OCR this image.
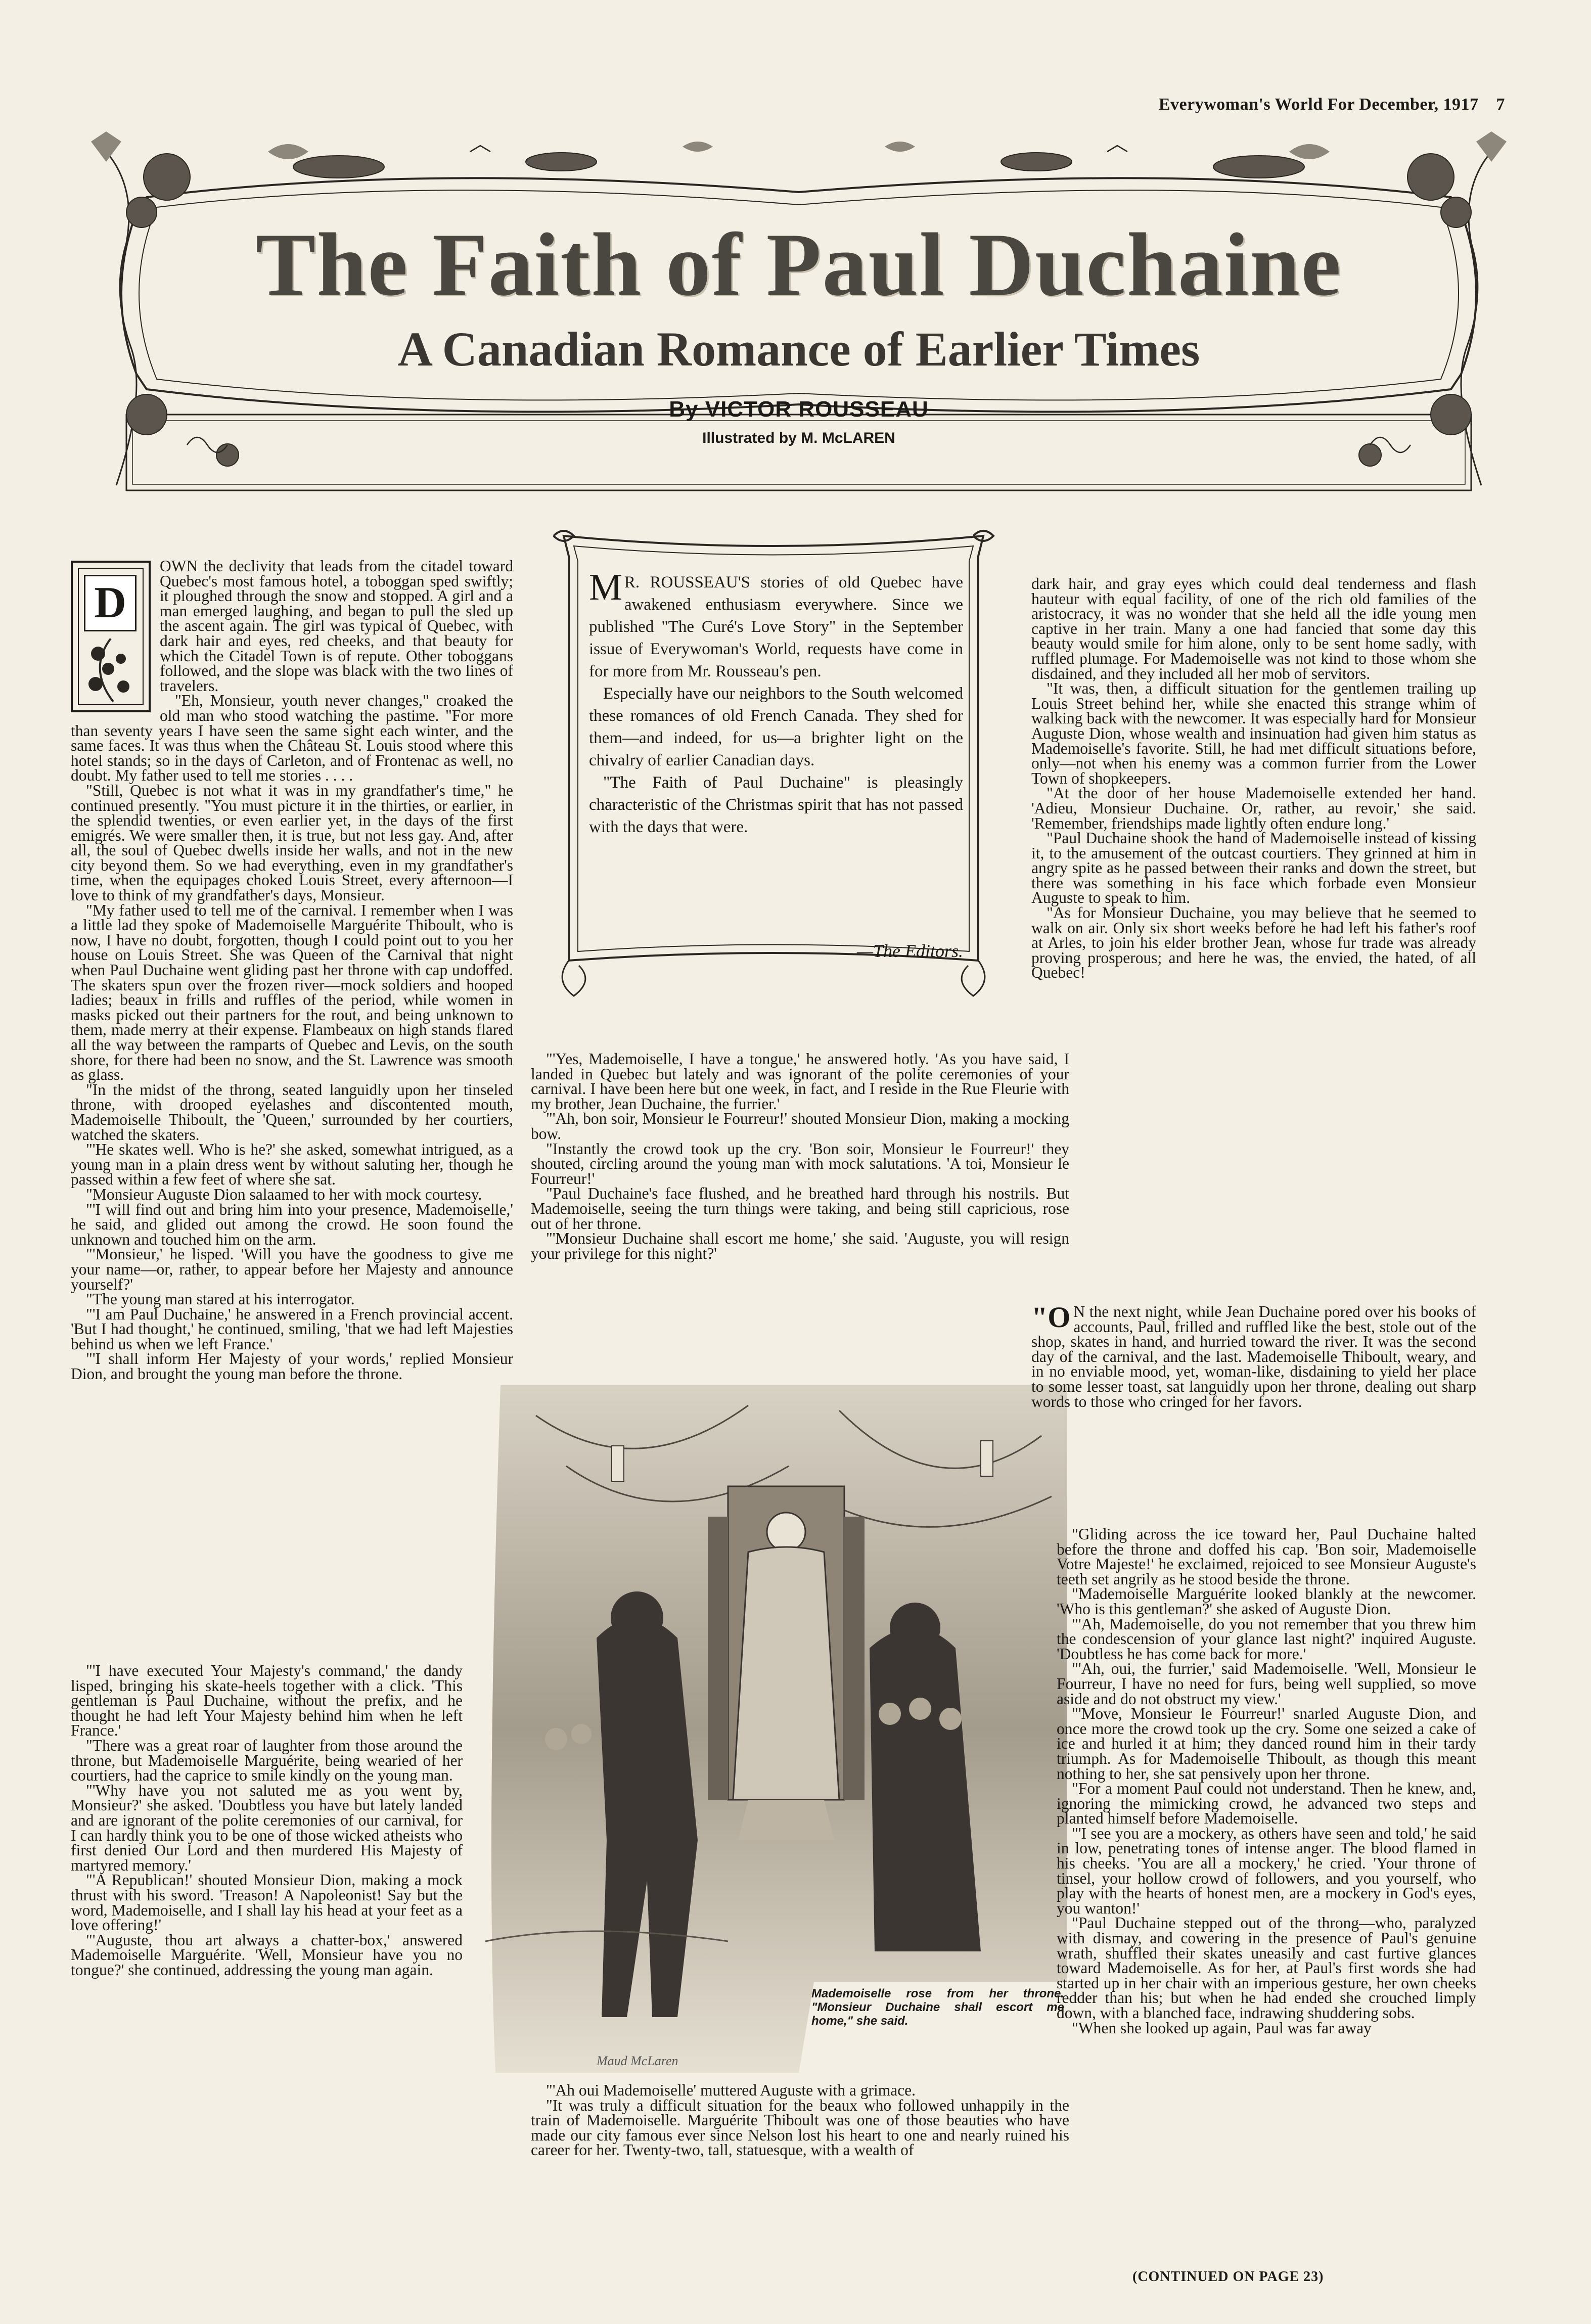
Everywoman's World For December, 1917 7
The Faith of Paul Duchaine
A Canadian Romance of Earlier Times
By VICTOR ROUSSEAU
Illustrated by M. McLAREN
D

OWN the declivity that leads from the citadel toward Quebec's most famous hotel, a toboggan sped swiftly; it ploughed through the snow and stopped. A girl and a man emerged laughing, and began to pull the sled up the ascent again. The girl was typical of Quebec, with dark hair and eyes, red cheeks, and that beauty for which the Citadel Town is of repute. Other toboggans followed, and the slope was black with the two lines of travelers.

"Eh, Monsieur, youth never changes," croaked the old man who stood watching the pastime. "For more than seventy years I have seen the same sight each winter, and the same faces. It was thus when the Château St. Louis stood where this hotel stands; so in the days of Carleton, and of Frontenac as well, no doubt. My father used to tell me stories . . . .

"Still, Quebec is not what it was in my grandfather's time," he continued presently. "You must picture it in the thirties, or earlier, in the splendid twenties, or even earlier yet, in the days of the first emigrés. We were smaller then, it is true, but not less gay. And, after all, the soul of Quebec dwells inside her walls, and not in the new city beyond them. So we had everything, even in my grandfather's time, when the equipages choked Louis Street, every afternoon—I love to think of my grandfather's days, Monsieur.

"My father used to tell me of the carnival. I remember when I was a little lad they spoke of Mademoiselle Marguérite Thiboult, who is now, I have no doubt, forgotten, though I could point out to you her house on Louis Street. She was Queen of the Carnival that night when Paul Duchaine went gliding past her throne with cap undoffed. The skaters spun over the frozen river—mock soldiers and hooped ladies; beaux in frills and ruffles of the period, while women in masks picked out their partners for the rout, and being unknown to them, made merry at their expense. Flambeaux on high stands flared all the way between the ramparts of Quebec and Levis, on the south shore, for there had been no snow, and the St. Lawrence was smooth as glass.

"In the midst of the throng, seated languidly upon her tinseled throne, with drooped eyelashes and discontented mouth, Mademoiselle Thiboult, the 'Queen,' surrounded by her courtiers, watched the skaters.

"'He skates well. Who is he?' she asked, somewhat intrigued, as a young man in a plain dress went by without saluting her, though he passed within a few feet of where she sat.

"Monsieur Auguste Dion salaamed to her with mock courtesy.

"'I will find out and bring him into your presence, Mademoiselle,' he said, and glided out among the crowd. He soon found the unknown and touched him on the arm.

"'Monsieur,' he lisped. 'Will you have the goodness to give me your name—or, rather, to appear before her Majesty and announce yourself?'

"The young man stared at his interrogator.

"'I am Paul Duchaine,' he answered in a French provincial accent. 'But I had thought,' he continued, smiling, 'that we had left Majesties behind us when we left France.'

"'I shall inform Her Majesty of your words,' replied Monsieur Dion, and brought the young man before the throne.

"'I have executed Your Majesty's command,' the dandy lisped, bringing his skate-heels together with a click. 'This gentleman is Paul Duchaine, without the prefix, and he thought he had left Your Majesty behind him when he left France.'

"There was a great roar of laughter from those around the throne, but Mademoiselle Marguérite, being wearied of her courtiers, had the caprice to smile kindly on the young man.

"'Why have you not saluted me as you went by, Monsieur?' she asked. 'Doubtless you have but lately landed and are ignorant of the polite ceremonies of our carnival, for I can hardly think you to be one of those wicked atheists who first denied Our Lord and then murdered His Majesty of martyred memory.'

"'A Republican!' shouted Monsieur Dion, making a mock thrust with his sword. 'Treason! A Napoleonist! Say but the word, Mademoiselle, and I shall lay his head at your feet as a love offering!'

"'Auguste, thou art always a chatter-box,' answered Mademoiselle Marguérite. 'Well, Monsieur have you no tongue?' she continued, addressing the young man again.

M R. ROUSSEAU'S stories of old Quebec have awakened enthusiasm everywhere. Since we published "The Curé's Love Story" in the September issue of Everywoman's World, requests have come in for more from Mr. Rousseau's pen.

Especially have our neighbors to the South welcomed these romances of old French Canada. They shed for them—and indeed, for us—a brighter light on the chivalry of earlier Canadian days.

"The Faith of Paul Duchaine" is pleasingly characteristic of the Christmas spirit that has not passed with the days that were.

—The Editors.

"'Yes, Mademoiselle, I have a tongue,' he answered hotly. 'As you have said, I landed in Quebec but lately and was ignorant of the polite ceremonies of your carnival. I have been here but one week, in fact, and I reside in the Rue Fleurie with my brother, Jean Duchaine, the furrier.'

"'Ah, bon soir, Monsieur le Fourreur!' shouted Monsieur Dion, making a mocking bow.

"Instantly the crowd took up the cry. 'Bon soir, Monsieur le Fourreur!' they shouted, circling around the young man with mock salutations. 'A toi, Monsieur le Fourreur!'

"Paul Duchaine's face flushed, and he breathed hard through his nostrils. But Mademoiselle, seeing the turn things were taking, and being still capricious, rose out of her throne.

"'Monsieur Duchaine shall escort me home,' she said. 'Auguste, you will resign your privilege for this night?'

"'Ah oui Mademoiselle' muttered Auguste with a grimace.

"It was truly a difficult situation for the beaux who followed unhappily in the train of Mademoiselle. Marguérite Thiboult was one of those beauties who have made our city famous ever since Nelson lost his heart to one and nearly ruined his career for her. Twenty-two, tall, statuesque, with a wealth of

Mademoiselle rose from her throne. "Monsieur Duchaine shall escort me home," she said.
Maud McLaren

dark hair, and gray eyes which could deal tenderness and flash hauteur with equal facility, of one of the rich old families of the aristocracy, it was no wonder that she held all the idle young men captive in her train. Many a one had fancied that some day this beauty would smile for him alone, only to be sent home sadly, with ruffled plumage. For Mademoiselle was not kind to those whom she disdained, and they included all her mob of servitors.

"It was, then, a difficult situation for the gentlemen trailing up Louis Street behind her, while she enacted this strange whim of walking back with the newcomer. It was especially hard for Monsieur Auguste Dion, whose wealth and insinuation had given him status as Mademoiselle's favorite. Still, he had met difficult situations before, only—not when his enemy was a common furrier from the Lower Town of shopkeepers.

"At the door of her house Mademoiselle extended her hand. 'Adieu, Monsieur Duchaine. Or, rather, au revoir,' she said. 'Remember, friendships made lightly often endure long.'

"Paul Duchaine shook the hand of Mademoiselle instead of kissing it, to the amusement of the outcast courtiers. They grinned at him in angry spite as he passed between their ranks and down the street, but there was something in his face which forbade even Monsieur Auguste to speak to him.

"As for Monsieur Duchaine, you may believe that he seemed to walk on air. Only six short weeks before he had left his father's roof at Arles, to join his elder brother Jean, whose fur trade was already proving prosperous; and here he was, the envied, the hated, of all Quebec!

"O N the next night, while Jean Duchaine pored over his books of accounts, Paul, frilled and ruffled like the best, stole out of the shop, skates in hand, and hurried toward the river. It was the second day of the carnival, and the last. Mademoiselle Thiboult, weary, and in no enviable mood, yet, woman-like, disdaining to yield her place to some lesser toast, sat languidly upon her throne, dealing out sharp words to those who cringed for her favors.

"Gliding across the ice toward her, Paul Duchaine halted before the throne and doffed his cap. 'Bon soir, Mademoiselle Votre Majeste!' he exclaimed, rejoiced to see Monsieur Auguste's teeth set angrily as he stood beside the throne.

"Mademoiselle Marguérite looked blankly at the newcomer. 'Who is this gentleman?' she asked of Auguste Dion.

"'Ah, Mademoiselle, do you not remember that you threw him the condescension of your glance last night?' inquired Auguste. 'Doubtless he has come back for more.'

"'Ah, oui, the furrier,' said Mademoiselle. 'Well, Monsieur le Fourreur, I have no need for furs, being well supplied, so move aside and do not obstruct my view.'

"'Move, Monsieur le Fourreur!' snarled Auguste Dion, and once more the crowd took up the cry. Some one seized a cake of ice and hurled it at him; they danced round him in their tardy triumph. As for Mademoiselle Thiboult, as though this meant nothing to her, she sat pensively upon her throne.

"For a moment Paul could not understand. Then he knew, and, ignoring the mimicking crowd, he advanced two steps and planted himself before Mademoiselle.

"'I see you are a mockery, as others have seen and told,' he said in low, penetrating tones of intense anger. The blood flamed in his cheeks. 'You are all a mockery,' he cried. 'Your throne of tinsel, your hollow crowd of followers, and you yourself, who play with the hearts of honest men, are a mockery in God's eyes, you wanton!'

"Paul Duchaine stepped out of the throng—who, paralyzed with dismay, and cowering in the presence of Paul's genuine wrath, shuffled their skates uneasily and cast furtive glances toward Mademoiselle. As for her, at Paul's first words she had started up in her chair with an imperious gesture, her own cheeks redder than his; but when he had ended she crouched limply down, with a blanched face, indrawing shuddering sobs.

"When she looked up again, Paul was far away

(CONTINUED ON PAGE 23)
